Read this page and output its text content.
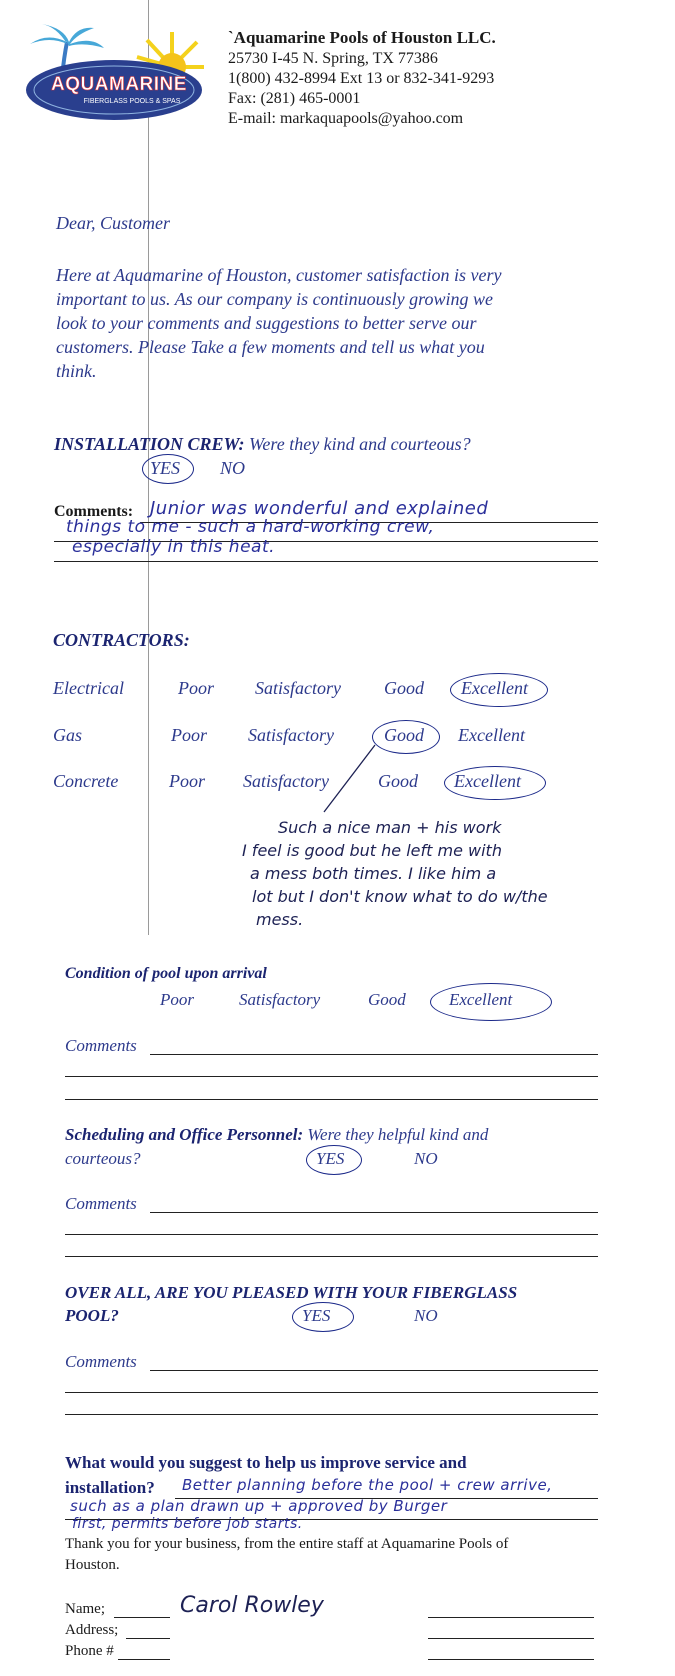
AQUAMARINE
FIBERGLASS POOLS & SPAS
`Aquamarine Pools of Houston LLC.
25730 I-45 N. Spring, TX 77386
1(800) 432-8994 Ext 13 or 832-341-9293
Fax: (281) 465-0001
E-mail: markaquapools@yahoo.com
Dear, Customer
Here at Aquamarine of Houston, customer satisfaction is very
important to us. As our company is continuously growing we
look to your comments and suggestions to better serve our
customers. Please Take a few moments and tell us what you
think.
INSTALLATION CREW: Were they kind and courteous?
YES NO
Comments: Junior was wonderful and explained
things to me - such a hard-working crew,
especially in this heat.
CONTRACTORS:
Electrical	Poor Satisfactory Good Excellent
Gas	Poor Satisfactory	Good Excellent
Concrete	Poor Satisfactory	Good Excellent
Such a nice man + his work
I feel is good but he left me with
a mess both times. I like him a
lot but I don't know what to do w/the
mess.
Condition of pool upon arrival
Poor	Satisfactory	Good	Excellent
Comments
Scheduling and Office Personnel: Were they helpful kind and
courteous?	YES	NO
Comments
OVER ALL, ARE YOU PLEASED WITH YOUR FIBERGLASS
POOL?	YES	NO
Comments
What would you suggest to help us improve service and
installation? Better planning before the pool + crew arrive,
such as a plan drawn up + approved by Burger
first, permits before job starts.
Thank you for your business, from the entire staff at Aquamarine Pools of
Houston.
Name;	Carol Rowley
Address;
Phone #
